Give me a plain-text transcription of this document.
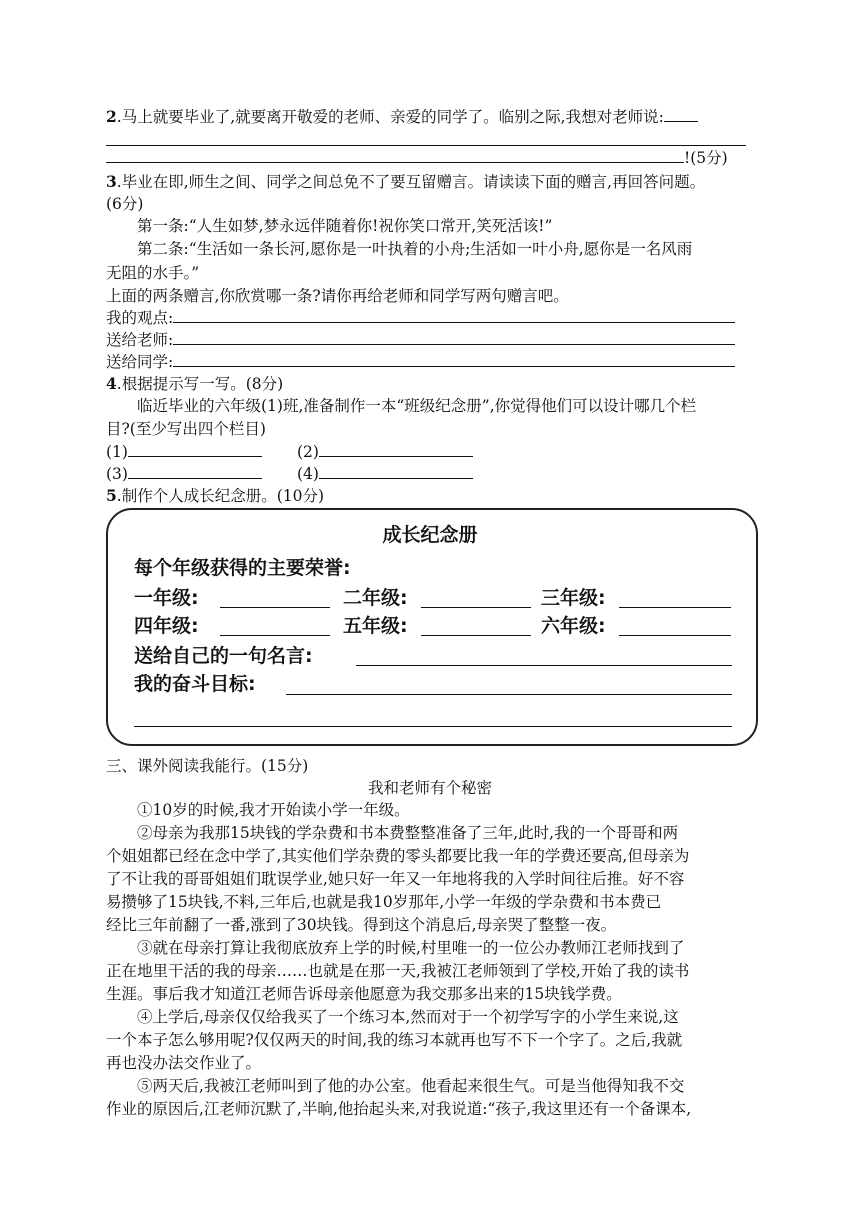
2.马上就要毕业了,就要离开敬爱的老师、亲爱的同学了。临别之际,我想对老师说:
!(5分)
3.毕业在即,师生之间、同学之间总免不了要互留赠言。请读读下面的赠言,再回答问题。
(6分)
第一条:“人生如梦,梦永远伴随着你!祝你笑口常开,笑死活该!”
第二条:“生活如一条长河,愿你是一叶执着的小舟;生活如一叶小舟,愿你是一名风雨
无阻的水手。”
上面的两条赠言,你欣赏哪一条?请你再给老师和同学写两句赠言吧。
我的观点:
送给老师:
送给同学:
4.根据提示写一写。(8分)
临近毕业的六年级(1)班,准备制作一本“班级纪念册”,你觉得他们可以设计哪几个栏
目?(至少写出四个栏目)
(1)	(2)
(3)	(4)
5.制作个人成长纪念册。(10分)
成长纪念册
每个年级获得的主要荣誉:
一年级:	二年级:	三年级:
四年级:	五年级:	六年级:
送给自己的一句名言:
我的奋斗目标:
三、课外阅读我能行。(15分)
我和老师有个秘密
①10岁的时候,我才开始读小学一年级。
②母亲为我那15块钱的学杂费和书本费整整准备了三年,此时,我的一个哥哥和两
个姐姐都已经在念中学了,其实他们学杂费的零头都要比我一年的学费还要高,但母亲为
了不让我的哥哥姐姐们耽误学业,她只好一年又一年地将我的入学时间往后推。好不容
易攒够了15块钱,不料,三年后,也就是我10岁那年,小学一年级的学杂费和书本费已
经比三年前翻了一番,涨到了30块钱。得到这个消息后,母亲哭了整整一夜。
③就在母亲打算让我彻底放弃上学的时候,村里唯一的一位公办教师江老师找到了
正在地里干活的我的母亲……也就是在那一天,我被江老师领到了学校,开始了我的读书
生涯。事后我才知道江老师告诉母亲他愿意为我交那多出来的15块钱学费。
④上学后,母亲仅仅给我买了一个练习本,然而对于一个初学写字的小学生来说,这
一个本子怎么够用呢?仅仅两天的时间,我的练习本就再也写不下一个字了。之后,我就
再也没办法交作业了。
⑤两天后,我被江老师叫到了他的办公室。他看起来很生气。可是当他得知我不交
作业的原因后,江老师沉默了,半晌,他抬起头来,对我说道:“孩子,我这里还有一个备课本,
